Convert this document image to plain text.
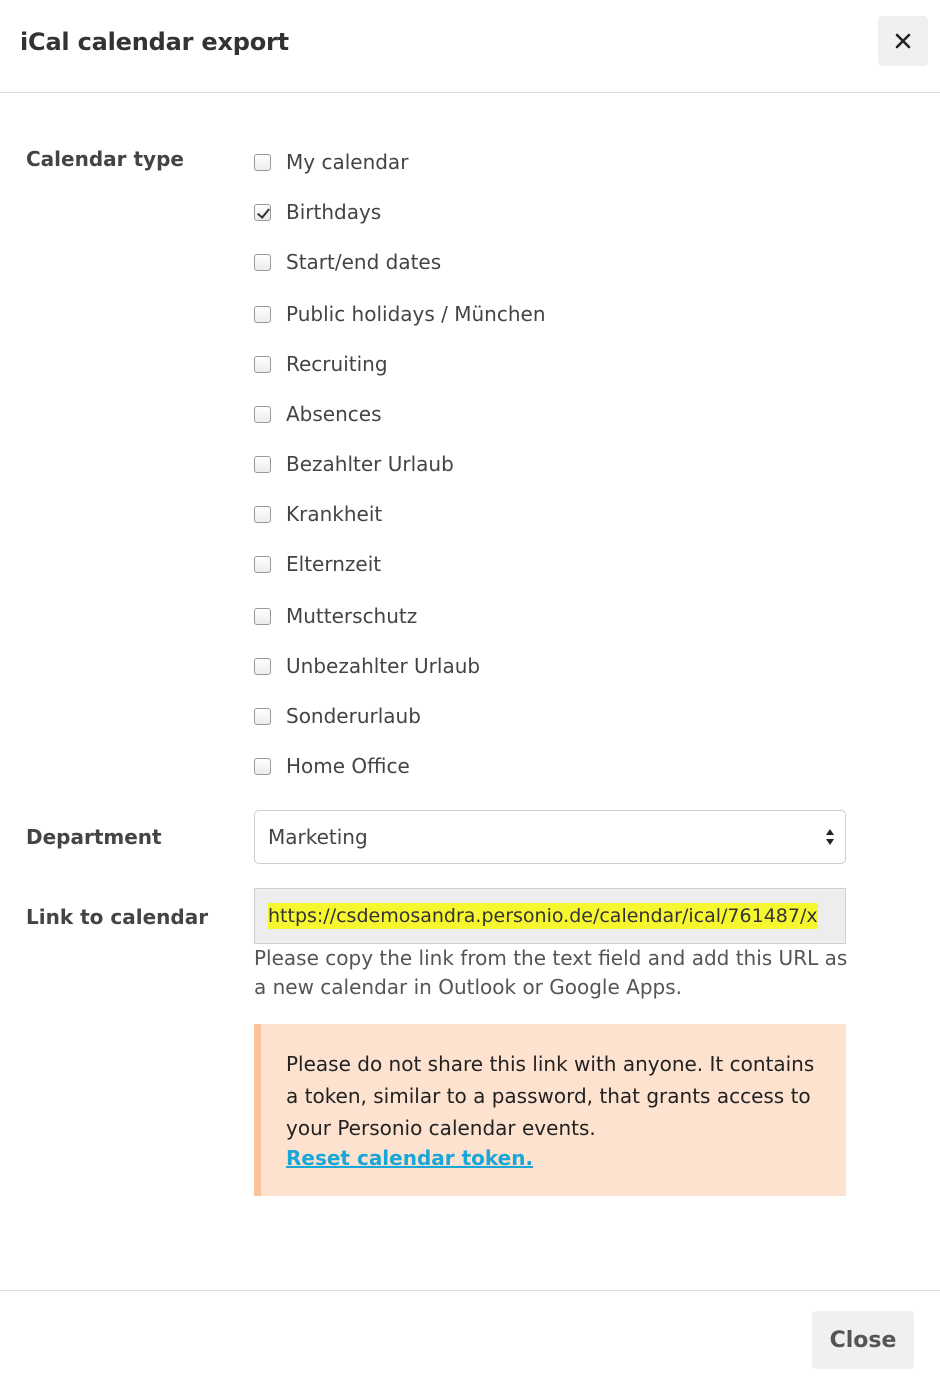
iCal calendar export
Calendar type	My calendar
Birthdays
Start/end dates
Public holidays / München
Recruiting
Absences
Bezahlter Urlaub
Krankheit
Elternzeit
Mutterschutz
Unbezahlter Urlaub
Sonderurlaub
Home Office
Department	Marketing
Link to calendar	https://csdemosandra.personio.de/calendar/ical/761487/x
Please copy the link from the text field and add this URL as a new calendar in Outlook or Google Apps.
Please do not share this link with anyone. It contains a token, similar to a password, that grants access to your Personio calendar events.
Reset calendar token.
Close
